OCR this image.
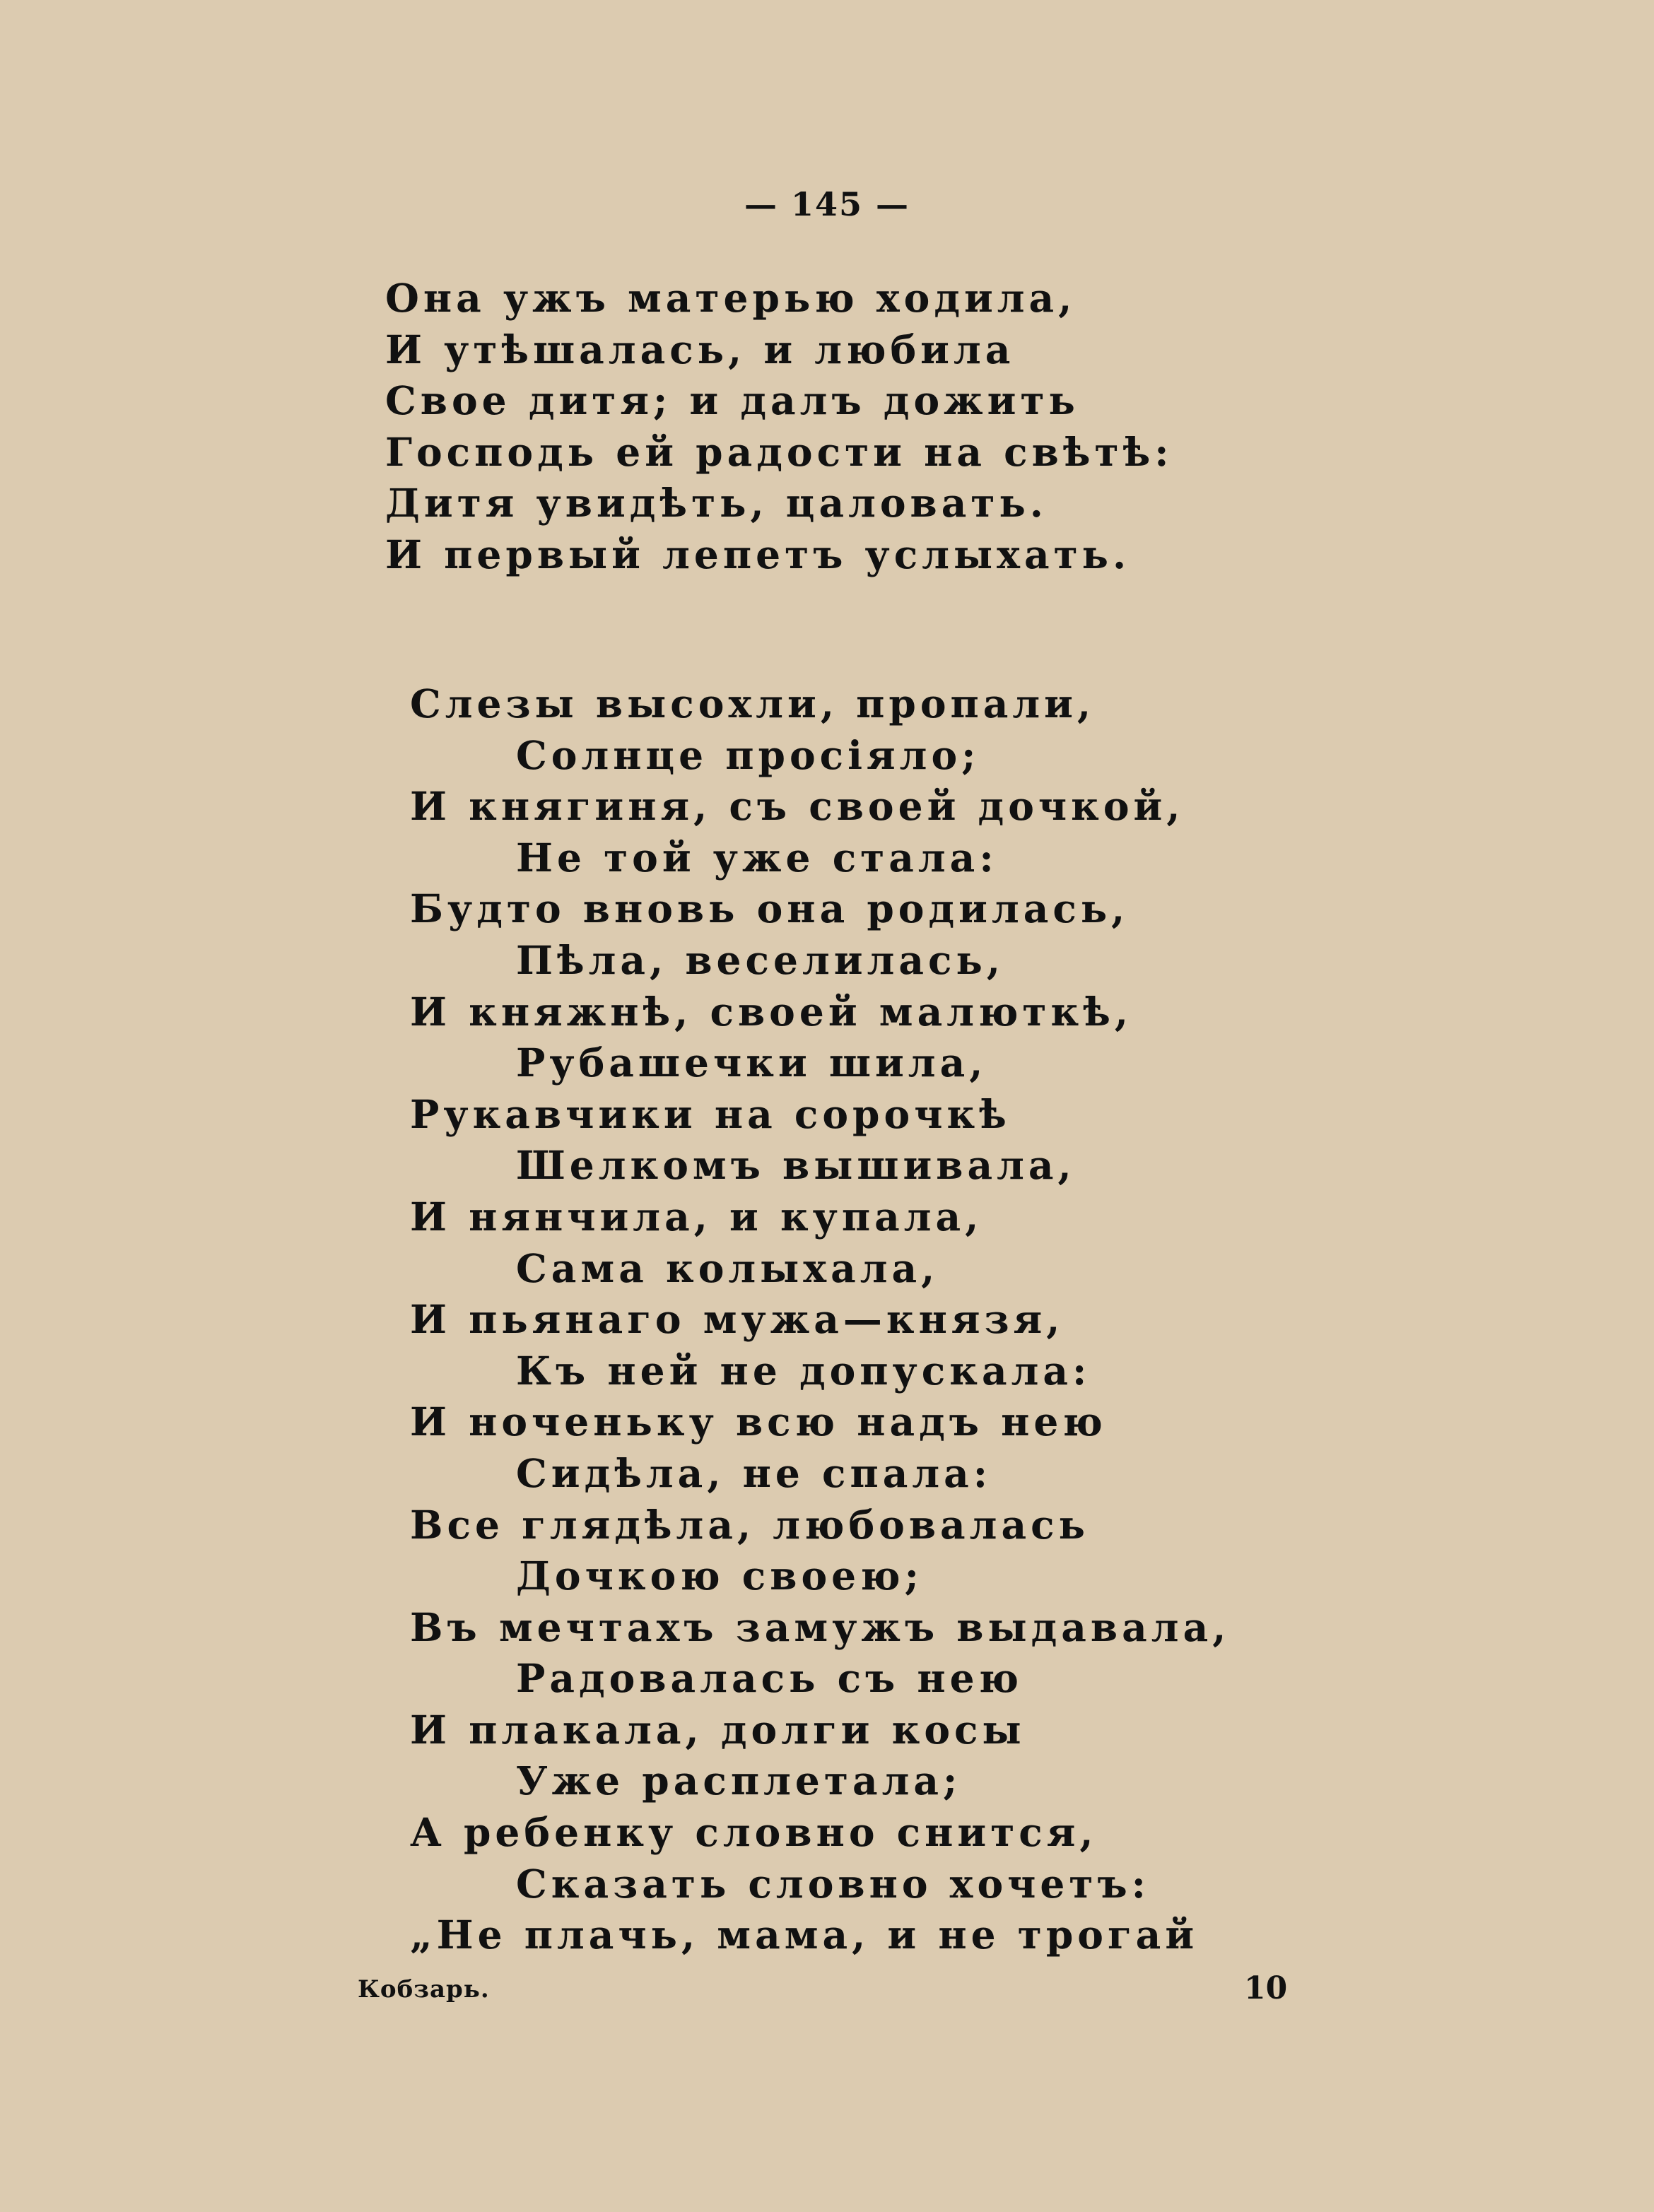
— 145 —
Она ужъ матерью ходила,
И утѣшалась, и любила
Свое дитя; и далъ дожить
Господь ей радости на свѣтѣ:
Дитя увидѣть, цаловать.
И первый лепетъ услыхать.
Слезы высохли, пропали,
Солнце просіяло;
И княгиня, съ своей дочкой,
Не той уже стала:
Будто вновь она родилась,
Пѣла, веселилась,
И княжнѣ, своей малюткѣ,
Рубашечки шила,
Рукавчики на сорочкѣ
Шелкомъ вышивала,
И нянчила, и купала,
Сама колыхала,
И пьянаго мужа—князя,
Къ ней не допускала:
И ноченьку всю надъ нею
Сидѣла, не спала:
Все глядѣла, любовалась
Дочкою своею;
Въ мечтахъ замужъ выдавала,
Радовалась съ нею
И плакала, долги косы
Уже расплетала;
А ребенку словно снится,
Сказать словно хочетъ:
„Не плачь, мама, и не трогай
Кобзарь.	10
